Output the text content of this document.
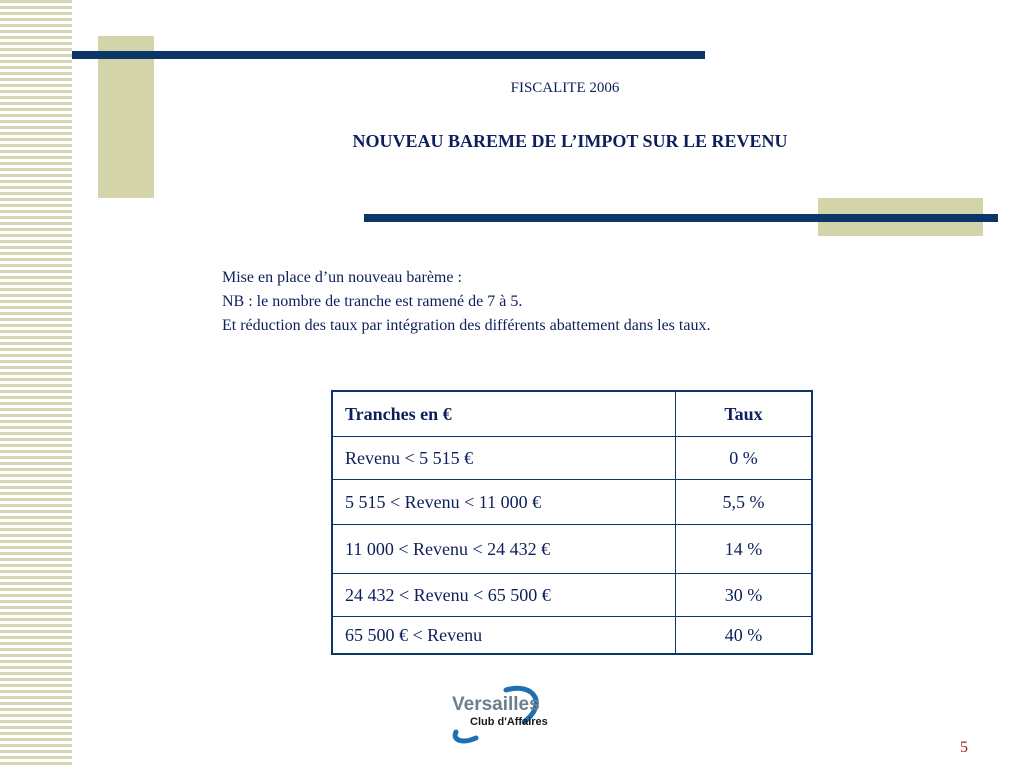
FISCALITE 2006
NOUVEAU BAREME DE L’IMPOT SUR LE REVENU
Mise en place d’un nouveau barème :
NB : le nombre de tranche est ramené de 7 à 5.
Et réduction des taux par intégration des différents abattement dans les taux.
Tranches en €	Taux
Revenu < 5 515 €	0 %
5 515 < Revenu < 11 000 €	5,5 %
11 000 < Revenu < 24 432 €	14 %
24 432 < Revenu < 65 500 €	30 %
65 500 € < Revenu	40 %
Versailles
Club d'Affaires
5
